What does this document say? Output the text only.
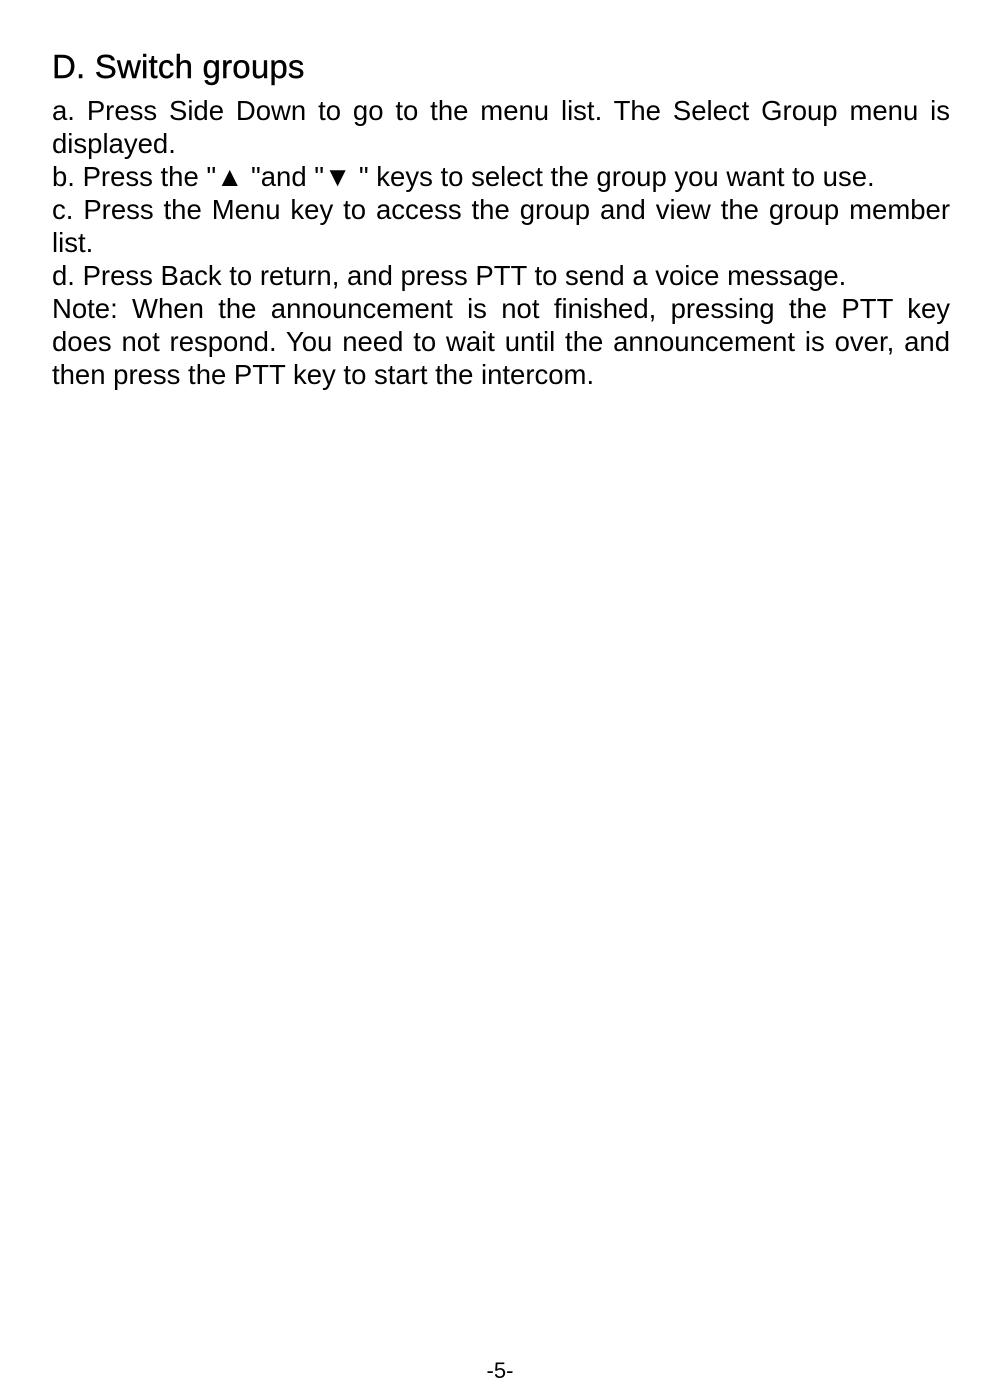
D. Switch groups

a. Press Side Down to go to the menu list. The Select Group menu is displayed.

b. Press the "▲ "and "▼ " keys to select the group you want to use.

c. Press the Menu key to access the group and view the group member list.

d. Press Back to return, and press PTT to send a voice message.

Note: When the announcement is not finished, pressing the PTT key does not respond. You need to wait until the announcement is over, and then press the PTT key to start the intercom.

-5-
